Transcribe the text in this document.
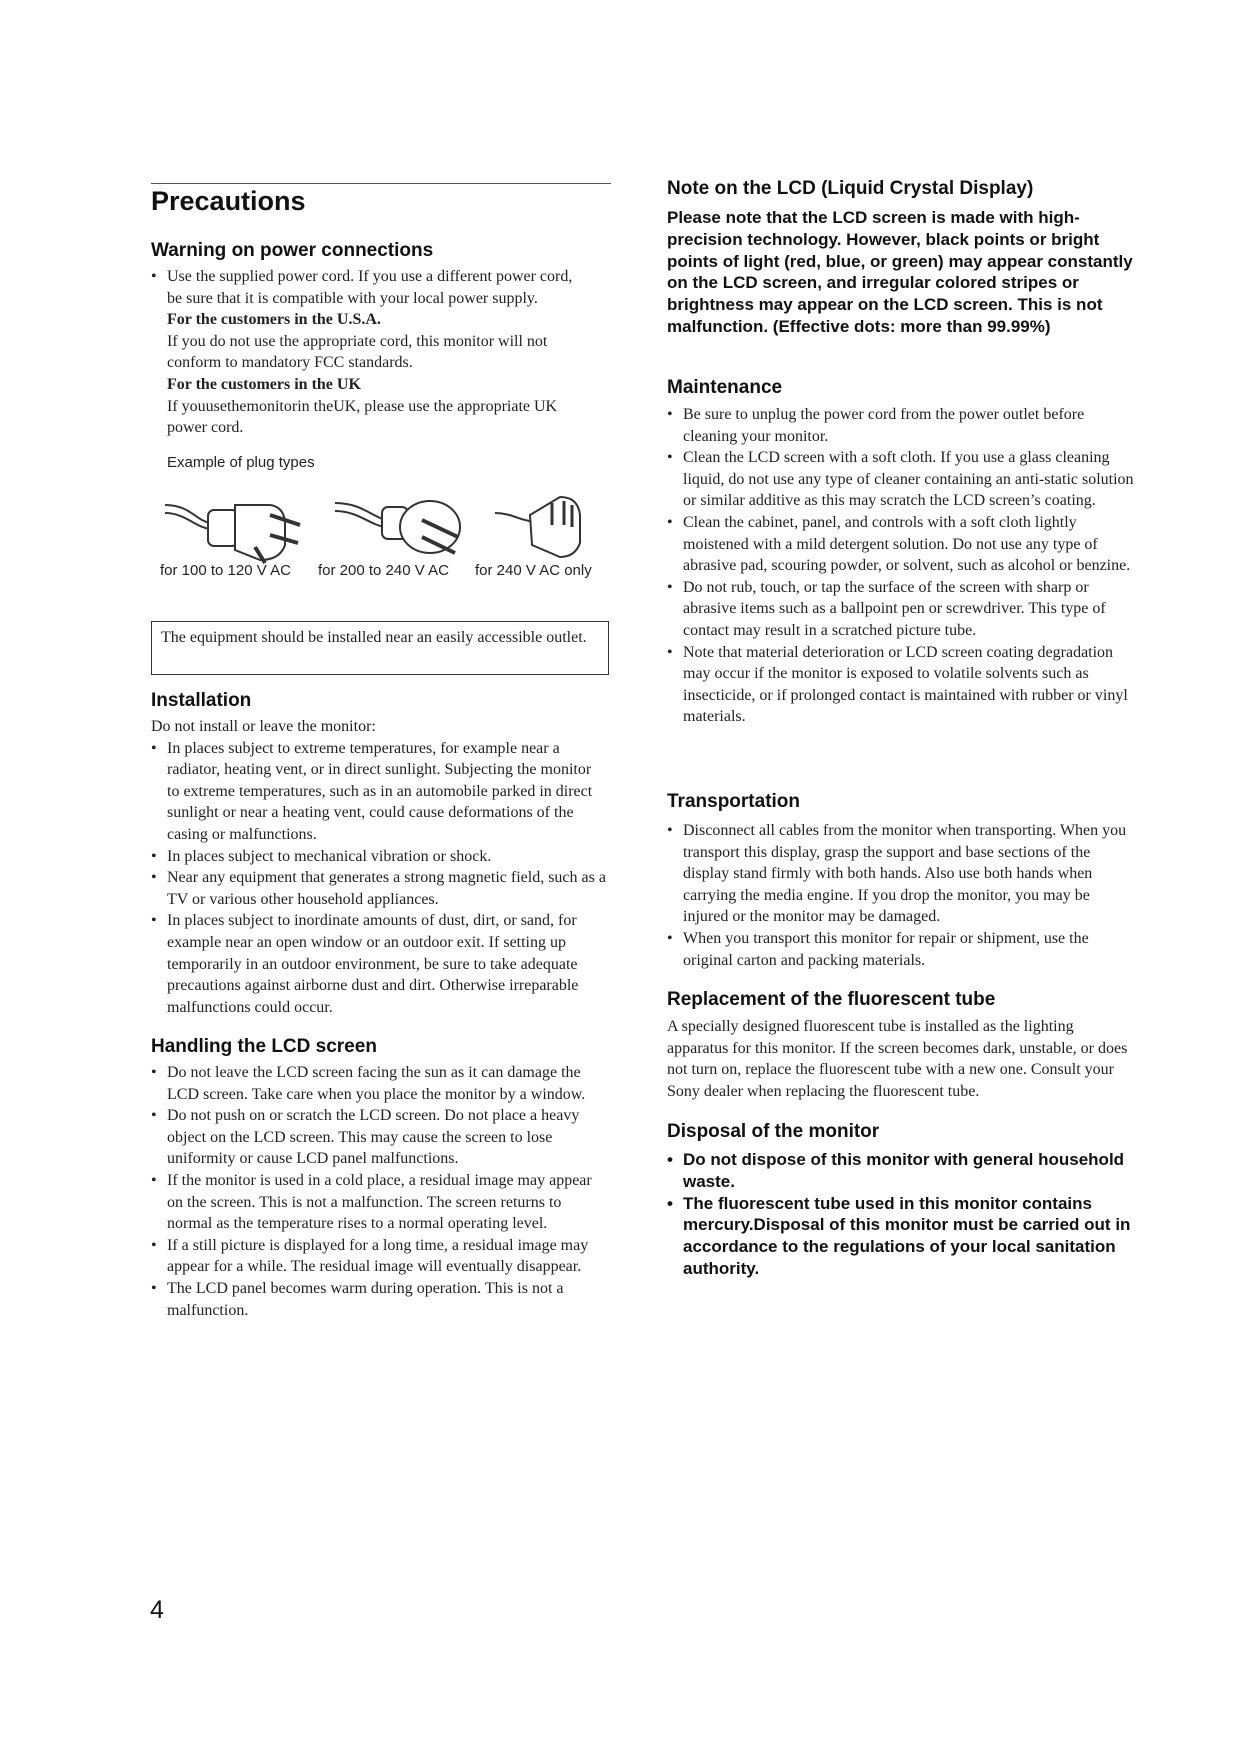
Precautions
Warning on power connections
• Use the supplied power cord. If you use a different power cord,
be sure that it is compatible with your local power supply.
For the customers in the U.S.A.
If you do not use the appropriate cord, this monitor will not
conform to mandatory FCC standards.
For the customers in the UK
If youusethemonitorin theUK, please use the appropriate UK
power cord.
Example of plug types
for 100 to 120 V AC for 200 to 240 V AC for 240 V AC only
The equipment should be installed near an easily accessible outlet.
Installation
Do not install or leave the monitor:
• In places subject to extreme temperatures, for example near a radiator, heating vent, or in direct sunlight. Subjecting the monitor to extreme temperatures, such as in an automobile parked in direct sunlight or near a heating vent, could cause deformations of the casing or malfunctions.
• In places subject to mechanical vibration or shock.
• Near any equipment that generates a strong magnetic field, such as a TV or various other household appliances.
• In places subject to inordinate amounts of dust, dirt, or sand, for example near an open window or an outdoor exit. If setting up temporarily in an outdoor environment, be sure to take adequate precautions against airborne dust and dirt. Otherwise irreparable malfunctions could occur.
Handling the LCD screen
• Do not leave the LCD screen facing the sun as it can damage the LCD screen. Take care when you place the monitor by a window.
• Do not push on or scratch the LCD screen. Do not place a heavy object on the LCD screen. This may cause the screen to lose uniformity or cause LCD panel malfunctions.
• If the monitor is used in a cold place, a residual image may appear on the screen. This is not a malfunction. The screen returns to normal as the temperature rises to a normal operating level.
• If a still picture is displayed for a long time, a residual image may appear for a while. The residual image will eventually disappear.
• The LCD panel becomes warm during operation. This is not a malfunction.
Note on the LCD (Liquid Crystal Display)
Please note that the LCD screen is made with high-precision technology. However, black points or bright points of light (red, blue, or green) may appear constantly on the LCD screen, and irregular colored stripes or brightness may appear on the LCD screen. This is not malfunction. (Effective dots: more than 99.99%)
Maintenance
• Be sure to unplug the power cord from the power outlet before cleaning your monitor.
• Clean the LCD screen with a soft cloth. If you use a glass cleaning liquid, do not use any type of cleaner containing an anti-static solution or similar additive as this may scratch the LCD screen’s coating.
• Clean the cabinet, panel, and controls with a soft cloth lightly moistened with a mild detergent solution. Do not use any type of abrasive pad, scouring powder, or solvent, such as alcohol or benzine.
• Do not rub, touch, or tap the surface of the screen with sharp or abrasive items such as a ballpoint pen or screwdriver. This type of contact may result in a scratched picture tube.
• Note that material deterioration or LCD screen coating degradation may occur if the monitor is exposed to volatile solvents such as insecticide, or if prolonged contact is maintained with rubber or vinyl materials.
Transportation
• Disconnect all cables from the monitor when transporting. When you transport this display, grasp the support and base sections of the display stand firmly with both hands. Also use both hands when carrying the media engine. If you drop the monitor, you may be injured or the monitor may be damaged.
• When you transport this monitor for repair or shipment, use the original carton and packing materials.
Replacement of the fluorescent tube
A specially designed fluorescent tube is installed as the lighting apparatus for this monitor. If the screen becomes dark, unstable, or does not turn on, replace the fluorescent tube with a new one. Consult your Sony dealer when replacing the fluorescent tube.
Disposal of the monitor
• Do not dispose of this monitor with general household waste.
• The fluorescent tube used in this monitor contains mercury.Disposal of this monitor must be carried out in accordance to the regulations of your local sanitation authority.
4
